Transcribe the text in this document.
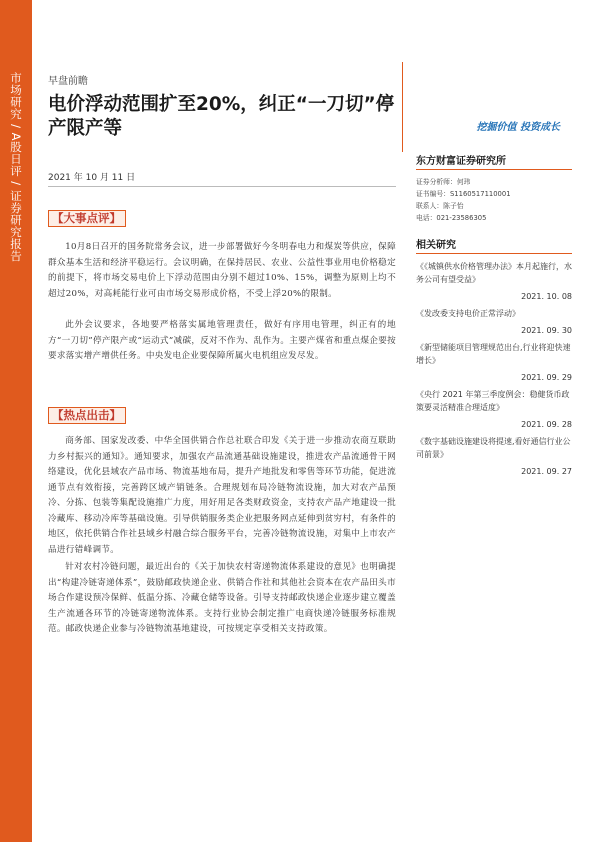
市场研究 / A股日评 / 证券研究报告	早盘前瞻
电价浮动范围扩至20%，纠正“一刀切”停产限产等	挖掘价值 投资成长
2021 年 10 月 11 日
【大事点评】

10月8日召开的国务院常务会议，进一步部署做好今冬明春电力和煤炭等供应，保障群众基本生活和经济平稳运行。会议明确，在保持居民、农业、公益性事业用电价格稳定的前提下，将市场交易电价上下浮动范围由分别不超过10%、15%，调整为原则上均不超过20%，对高耗能行业可由市场交易形成价格，不受上浮20%的限制。

此外会议要求，各地要严格落实属地管理责任，做好有序用电管理，纠正有的地方“一刀切”停产限产或“运动式”减碳，反对不作为、乱作为。主要产煤省和重点煤企要按要求落实增产增供任务。中央发电企业要保障所属火电机组应发尽发。

【热点出击】

商务部、国家发改委、中华全国供销合作总社联合印发《关于进一步推动农商互联助力乡村振兴的通知》。通知要求，加强农产品流通基础设施建设，推进农产品流通骨干网络建设，优化县域农产品市场、物流基地布局，提升产地批发和零售等环节功能，促进流通节点有效衔接，完善跨区域产销链条。合理规划布局冷链物流设施，加大对农产品预冷、分拣、包装等集配设施推广力度，用好用足各类财政资金，支持农产品产地建设一批冷藏库、移动冷库等基础设施。引导供销服务类企业把服务网点延伸到贫穷村，有条件的地区，依托供销合作社县域乡村融合综合服务平台，完善冷链物流设施，对集中上市农产品进行错峰调节。

针对农村冷链问题，最近出台的《关于加快农村寄递物流体系建设的意见》也明确提出“构建冷链寄递体系”，鼓励邮政快递企业、供销合作社和其他社会资本在农产品田头市场合作建设预冷保鲜、低温分拣、冷藏仓储等设备。引导支持邮政快递企业逐步建立覆盖生产流通各环节的冷链寄递物流体系。支持行业协会制定推广电商快递冷链服务标准规范。邮政快递企业参与冷链物流基地建设，可按规定享受相关支持政策。

东方财富证券研究所
证券分析师：何玮
证书编号：S1160517110001
联系人：陈子怡
电话：021-23586305
相关研究
《《城镇供水价格管理办法》本月起施行，水务公司有望受益》
2021. 10. 08
《发改委支持电价正常浮动》
2021. 09. 30
《新型储能项目管理规范出台,行业将迎快速增长》
2021. 09. 29
《央行 2021 年第三季度例会：稳健货币政策要灵活精准合理适度》
2021. 09. 28
《数字基础设施建设将提速,看好通信行业公司前景》
2021. 09. 27
